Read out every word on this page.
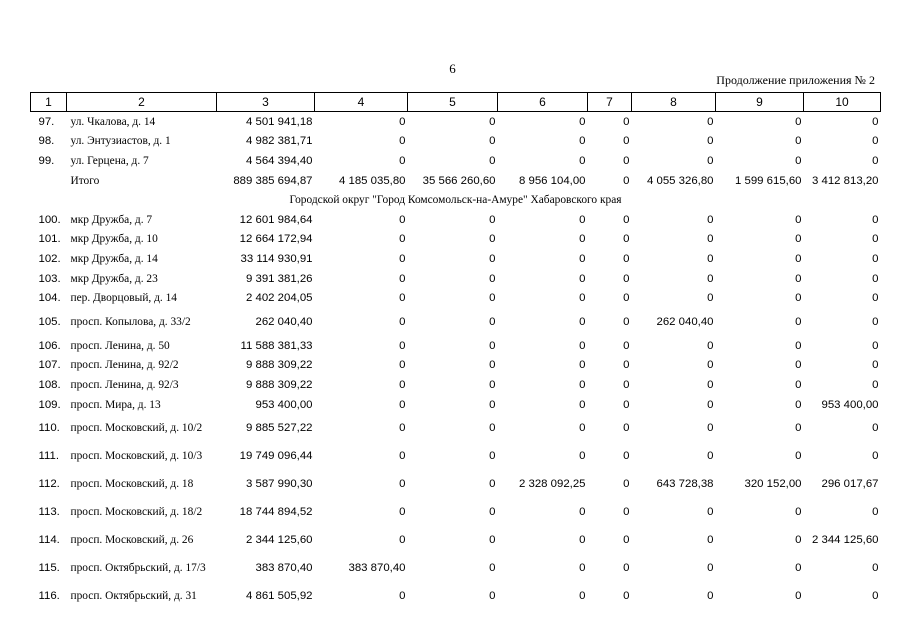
6
Продолжение приложения № 2
1	2	3	4	5	6	7	8	9	10
97.	ул. Чкалова, д. 14	4 501 941,18	0	0	0	0	0	0	0
98.	ул. Энтузиастов, д. 1	4 982 381,71	0	0	0	0	0	0	0
99.	ул. Герцена, д. 7	4 564 394,40	0	0	0	0	0	0	0
	Итого	889 385 694,87	4 185 035,80	35 566 260,60	8 956 104,00	0	4 055 326,80	1 599 615,60	3 412 813,20
Городской округ "Город Комсомольск-на-Амуре" Хабаровского края									
100.	мкр Дружба, д. 7	12 601 984,64	0	0	0	0	0	0	0
101.	мкр Дружба, д. 10	12 664 172,94	0	0	0	0	0	0	0
102.	мкр Дружба, д. 14	33 114 930,91	0	0	0	0	0	0	0
103.	мкр Дружба, д. 23	9 391 381,26	0	0	0	0	0	0	0
104.	пер. Дворцовый, д. 14	2 402 204,05	0	0	0	0	0	0	0
105.	просп. Копылова, д. 33/2	262 040,40	0	0	0	0	262 040,40	0	0
106.	просп. Ленина, д. 50	11 588 381,33	0	0	0	0	0	0	0
107.	просп. Ленина, д. 92/2	9 888 309,22	0	0	0	0	0	0	0
108.	просп. Ленина, д. 92/3	9 888 309,22	0	0	0	0	0	0	0
109.	просп. Мира, д. 13	953 400,00	0	0	0	0	0	0	953 400,00
110.	просп. Московский, д. 10/2	9 885 527,22	0	0	0	0	0	0	0
111.	просп. Московский, д. 10/3	19 749 096,44	0	0	0	0	0	0	0
112.	просп. Московский, д. 18	3 587 990,30	0	0	2 328 092,25	0	643 728,38	320 152,00	296 017,67
113.	просп. Московский, д. 18/2	18 744 894,52	0	0	0	0	0	0	0
114.	просп. Московский, д. 26	2 344 125,60	0	0	0	0	0	0	2 344 125,60
115.	просп. Октябрьский, д. 17/3	383 870,40	383 870,40	0	0	0	0	0	0
116.	просп. Октябрьский, д. 31	4 861 505,92	0	0	0	0	0	0	0
